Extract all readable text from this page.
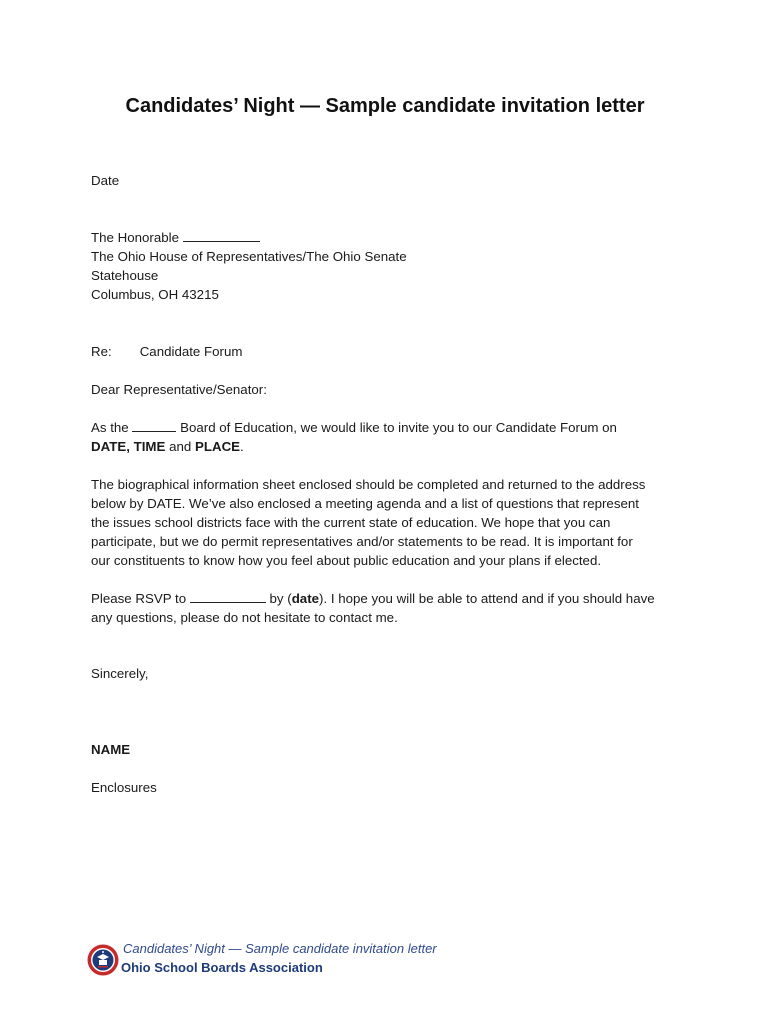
Candidates’ Night — Sample candidate invitation letter
Date
The Honorable
The Ohio House of Representatives/The Ohio Senate
Statehouse
Columbus, OH 43215
Re: Candidate Forum
Dear Representative/Senator:
As the	Board of Education, we would like to invite you to our Candidate Forum on
DATE, TIME and PLACE.
The biographical information sheet enclosed should be completed and returned to the address
below by DATE. We’ve also enclosed a meeting agenda and a list of questions that represent
the issues school districts face with the current state of education. We hope that you can
participate, but we do permit representatives and/or statements to be read. It is important for
our constituents to know how you feel about public education and your plans if elected.
Please RSVP to	by (date). I hope you will be able to attend and if you should have
any questions, please do not hesitate to contact me.
Sincerely,
NAME
Enclosures
Candidates’ Night — Sample candidate invitation letter
Ohio School Boards Association
